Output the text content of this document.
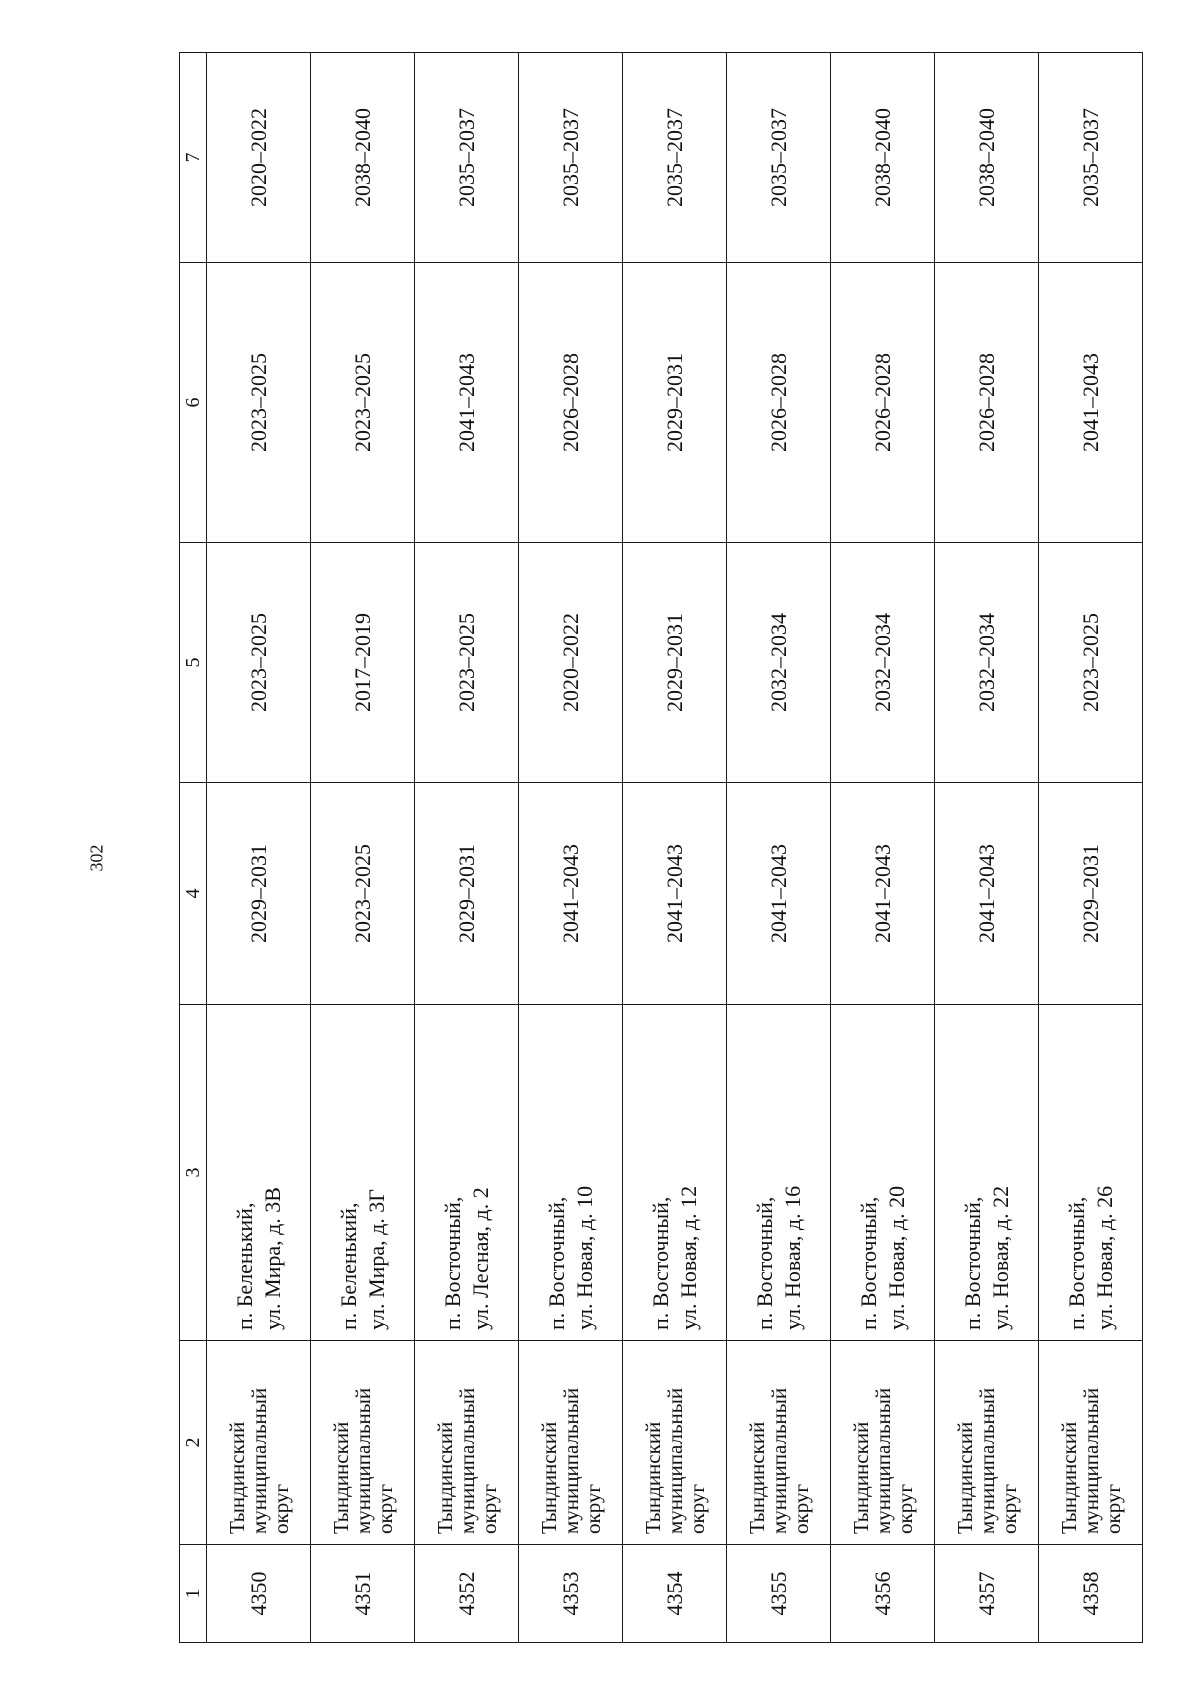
302
1	2	3	4	5	6	7
4350	Тындинский
муниципальный
округ	п. Беленький, ул. Мира, д. 3В	2029–2031	2023–2025	2023–2025	2020–2022
4351	Тындинский
муниципальный
округ	п. Беленький, ул. Мира, д. 3Г	2023–2025	2017–2019	2023–2025	2038–2040
4352	Тындинский
муниципальный
округ	п. Восточный, ул. Лесная, д. 2	2029–2031	2023–2025	2041–2043	2035–2037
4353	Тындинский
муниципальный
округ	п. Восточный, ул. Новая, д. 10	2041–2043	2020–2022	2026–2028	2035–2037
4354	Тындинский
муниципальный
округ	п. Восточный, ул. Новая, д. 12	2041–2043	2029–2031	2029–2031	2035–2037
4355	Тындинский
муниципальный
округ	п. Восточный, ул. Новая, д. 16	2041–2043	2032–2034	2026–2028	2035–2037
4356	Тындинский
муниципальный
округ	п. Восточный, ул. Новая, д. 20	2041–2043	2032–2034	2026–2028	2038–2040
4357	Тындинский
муниципальный
округ	п. Восточный, ул. Новая, д. 22	2041–2043	2032–2034	2026–2028	2038–2040
4358	Тындинский
муниципальный
округ	п. Восточный, ул. Новая, д. 26	2029–2031	2023–2025	2041–2043	2035–2037
